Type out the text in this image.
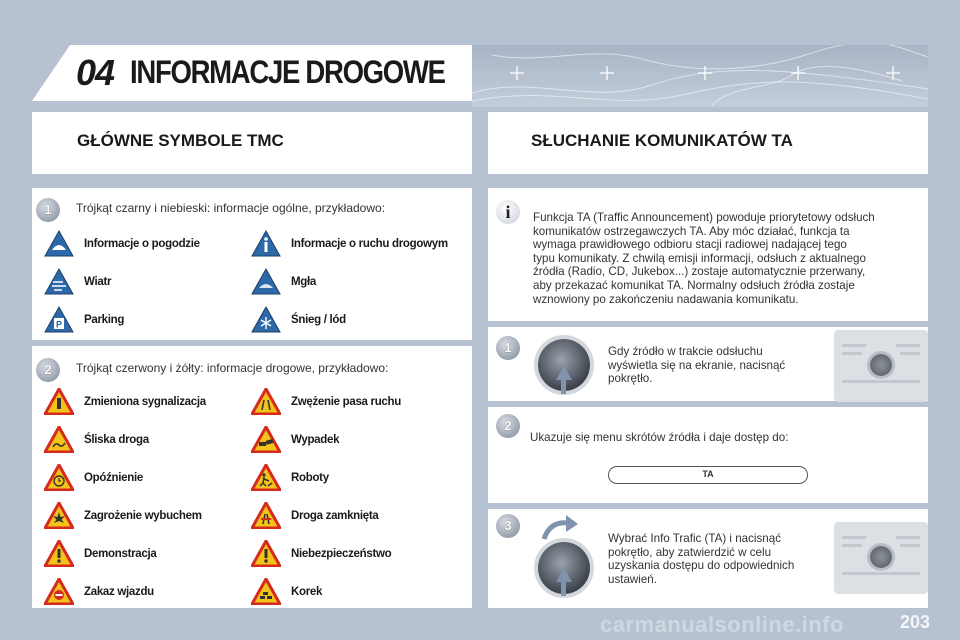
04 INFORMACJE DROGOWE
GŁÓWNE SYMBOLE TMC	SŁUCHANIE KOMUNIKATÓW TA
1	Trójkąt czarny i niebieski: informacje ogólne, przykładowo:
Informacje o pogodzie	Informacje o ruchu drogowym
Wiatr	Mgła
P Parking	Śnieg / lód
2	Trójkąt czerwony i żółty: informacje drogowe, przykładowo:
Zmieniona sygnalizacja	Zwężenie pasa ruchu
Śliska droga	Wypadek
Opóźnienie	Roboty
Zagrożenie wybuchem	Droga zamknięta
Demonstracja	Niebezpieczeństwo
Zakaz wjazdu	Korek
i	Funkcja TA (Traffic Announcement) powoduje priorytetowy odsłuch
komunikatów ostrzegawczych TA. Aby móc działać, funkcja ta
wymaga prawidłowego odbioru stacji radiowej nadającej tego
typu komunikaty. Z chwilą emisji informacji, odsłuch z aktualnego
źródła (Radio, CD, Jukebox...) zostaje automatycznie przerwany,
aby przekazać komunikat TA. Normalny odsłuch źródła zostaje
wznowiony po zakończeniu nadawania komunikatu.
1	Gdy źródło w trakcie odsłuchu
wyświetla się na ekranie, nacisnąć
pokrętło.
2
Ukazuje się menu skrótów źródła i daje dostęp do:
TA
3
Wybrać Info Trafic (TA) i nacisnąć
pokrętło, aby zatwierdzić w celu
uzyskania dostępu do odpowiednich
ustawień.
carmanualsonline.info	203
